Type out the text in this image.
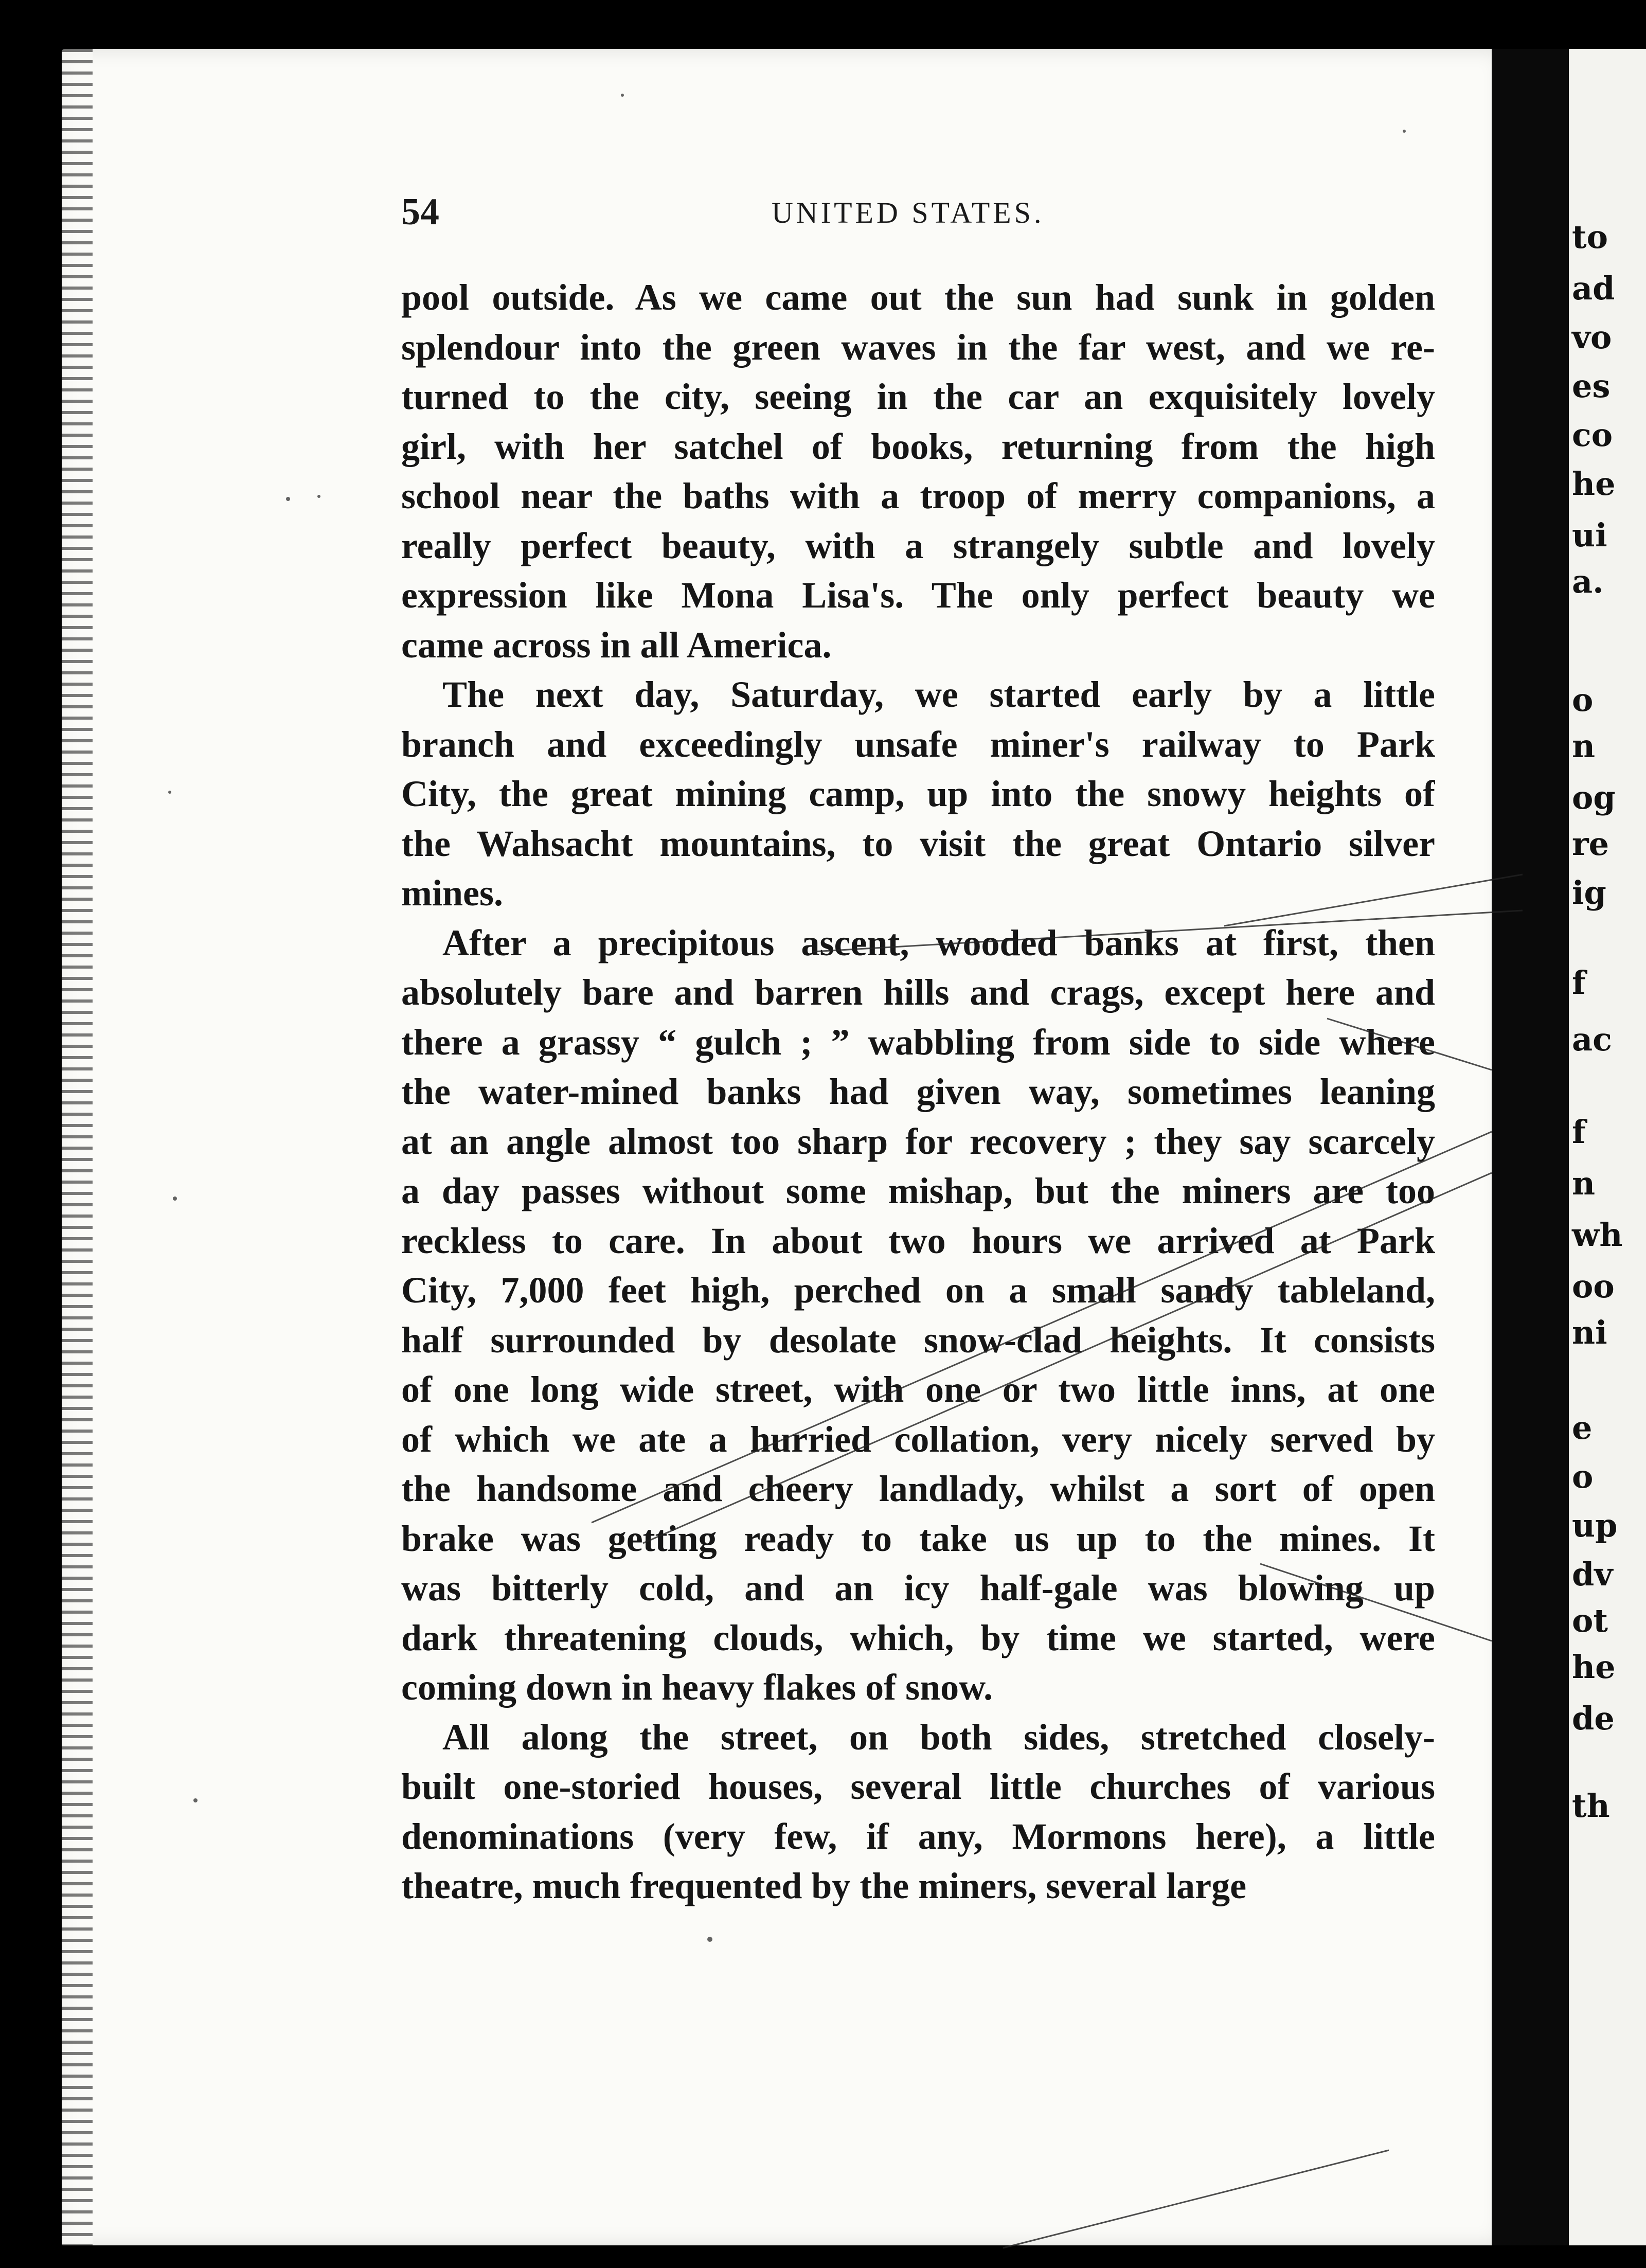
to
ad
vo
es
co
he
ui
a.
o
n
og
re
ig
f
ac
f
n
wh
oo
ni
e
o
up
dv
ot
he
de
th
54	UNITED STATES.
pool outside. As we came out the sun had sunk in golden
splendour into the green waves in the far west, and we re-
turned to the city, seeing in the car an exquisitely lovely
girl, with her satchel of books, returning from the high
school near the baths with a troop of merry companions, a
really perfect beauty, with a strangely subtle and lovely
expression like Mona Lisa's. The only perfect beauty we
came across in all America.
The next day, Saturday, we started early by a little
branch and exceedingly unsafe miner's railway to Park
City, the great mining camp, up into the snowy heights of
the Wahsacht mountains, to visit the great Ontario silver
mines.
After a precipitous ascent, wooded banks at first, then
absolutely bare and barren hills and crags, except here and
there a grassy “ gulch ; ” wabbling from side to side where
the water-mined banks had given way, sometimes leaning
at an angle almost too sharp for recovery ; they say scarcely
a day passes without some mishap, but the miners are too
reckless to care. In about two hours we arrived at Park
City, 7,000 feet high, perched on a small sandy tableland,
half surrounded by desolate snow-clad heights. It consists
of one long wide street, with one or two little inns, at one
of which we ate a hurried collation, very nicely served by
the handsome and cheery landlady, whilst a sort of open
brake was getting ready to take us up to the mines. It
was bitterly cold, and an icy half-gale was blowing up
dark threatening clouds, which, by time we started, were
coming down in heavy flakes of snow.
All along the street, on both sides, stretched closely-
built one-storied houses, several little churches of various
denominations (very few, if any, Mormons here), a little
theatre, much frequented by the miners, several large
